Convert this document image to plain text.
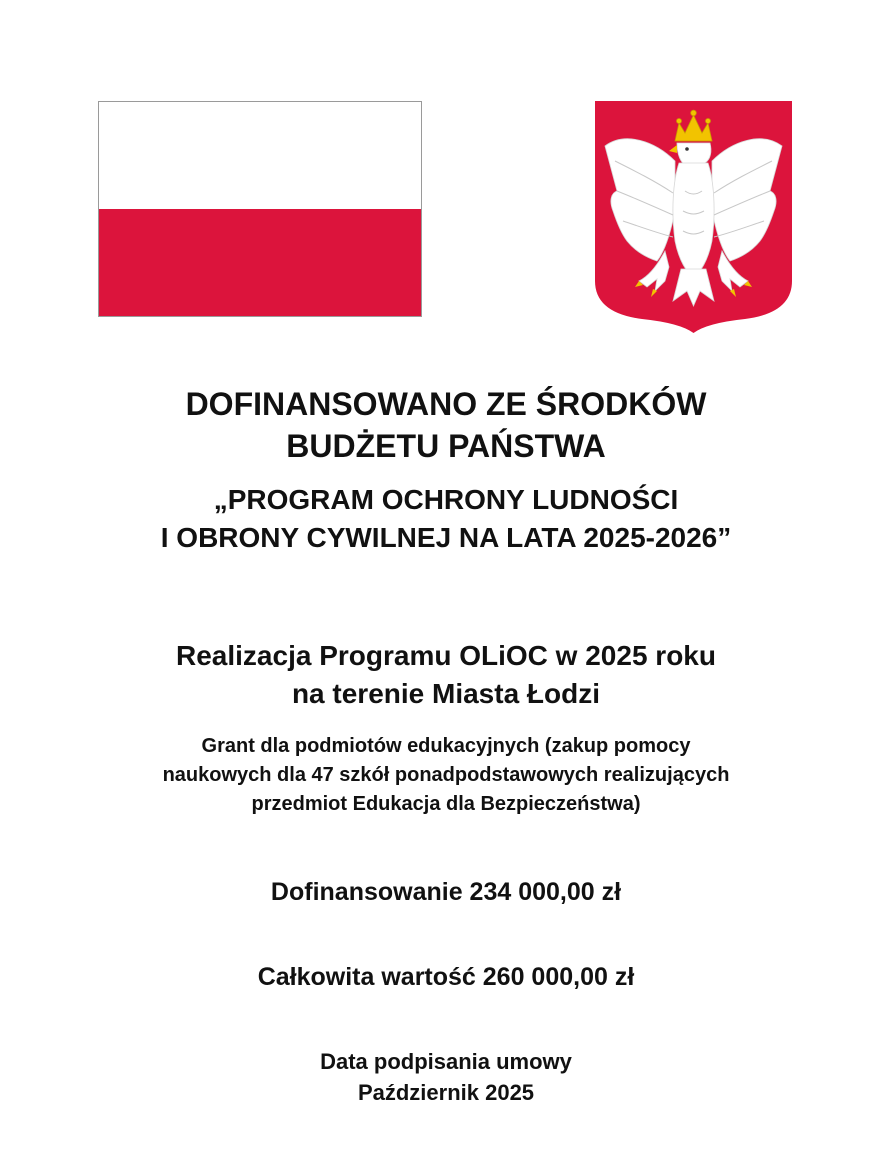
DOFINANSOWANO ZE ŚRODKÓW
BUDŻETU PAŃSTWA
„PROGRAM OCHRONY LUDNOŚCI
I OBRONY CYWILNEJ NA LATA 2025-2026”
Realizacja Programu OLiOC w 2025 roku
na terenie Miasta Łodzi

Grant dla podmiotów edukacyjnych (zakup pomocy
naukowych dla 47 szkół ponadpodstawowych realizujących
przedmiot Edukacja dla Bezpieczeństwa)

Dofinansowanie 234 000,00 zł

Całkowita wartość 260 000,00 zł

Data podpisania umowy
Październik 2025
